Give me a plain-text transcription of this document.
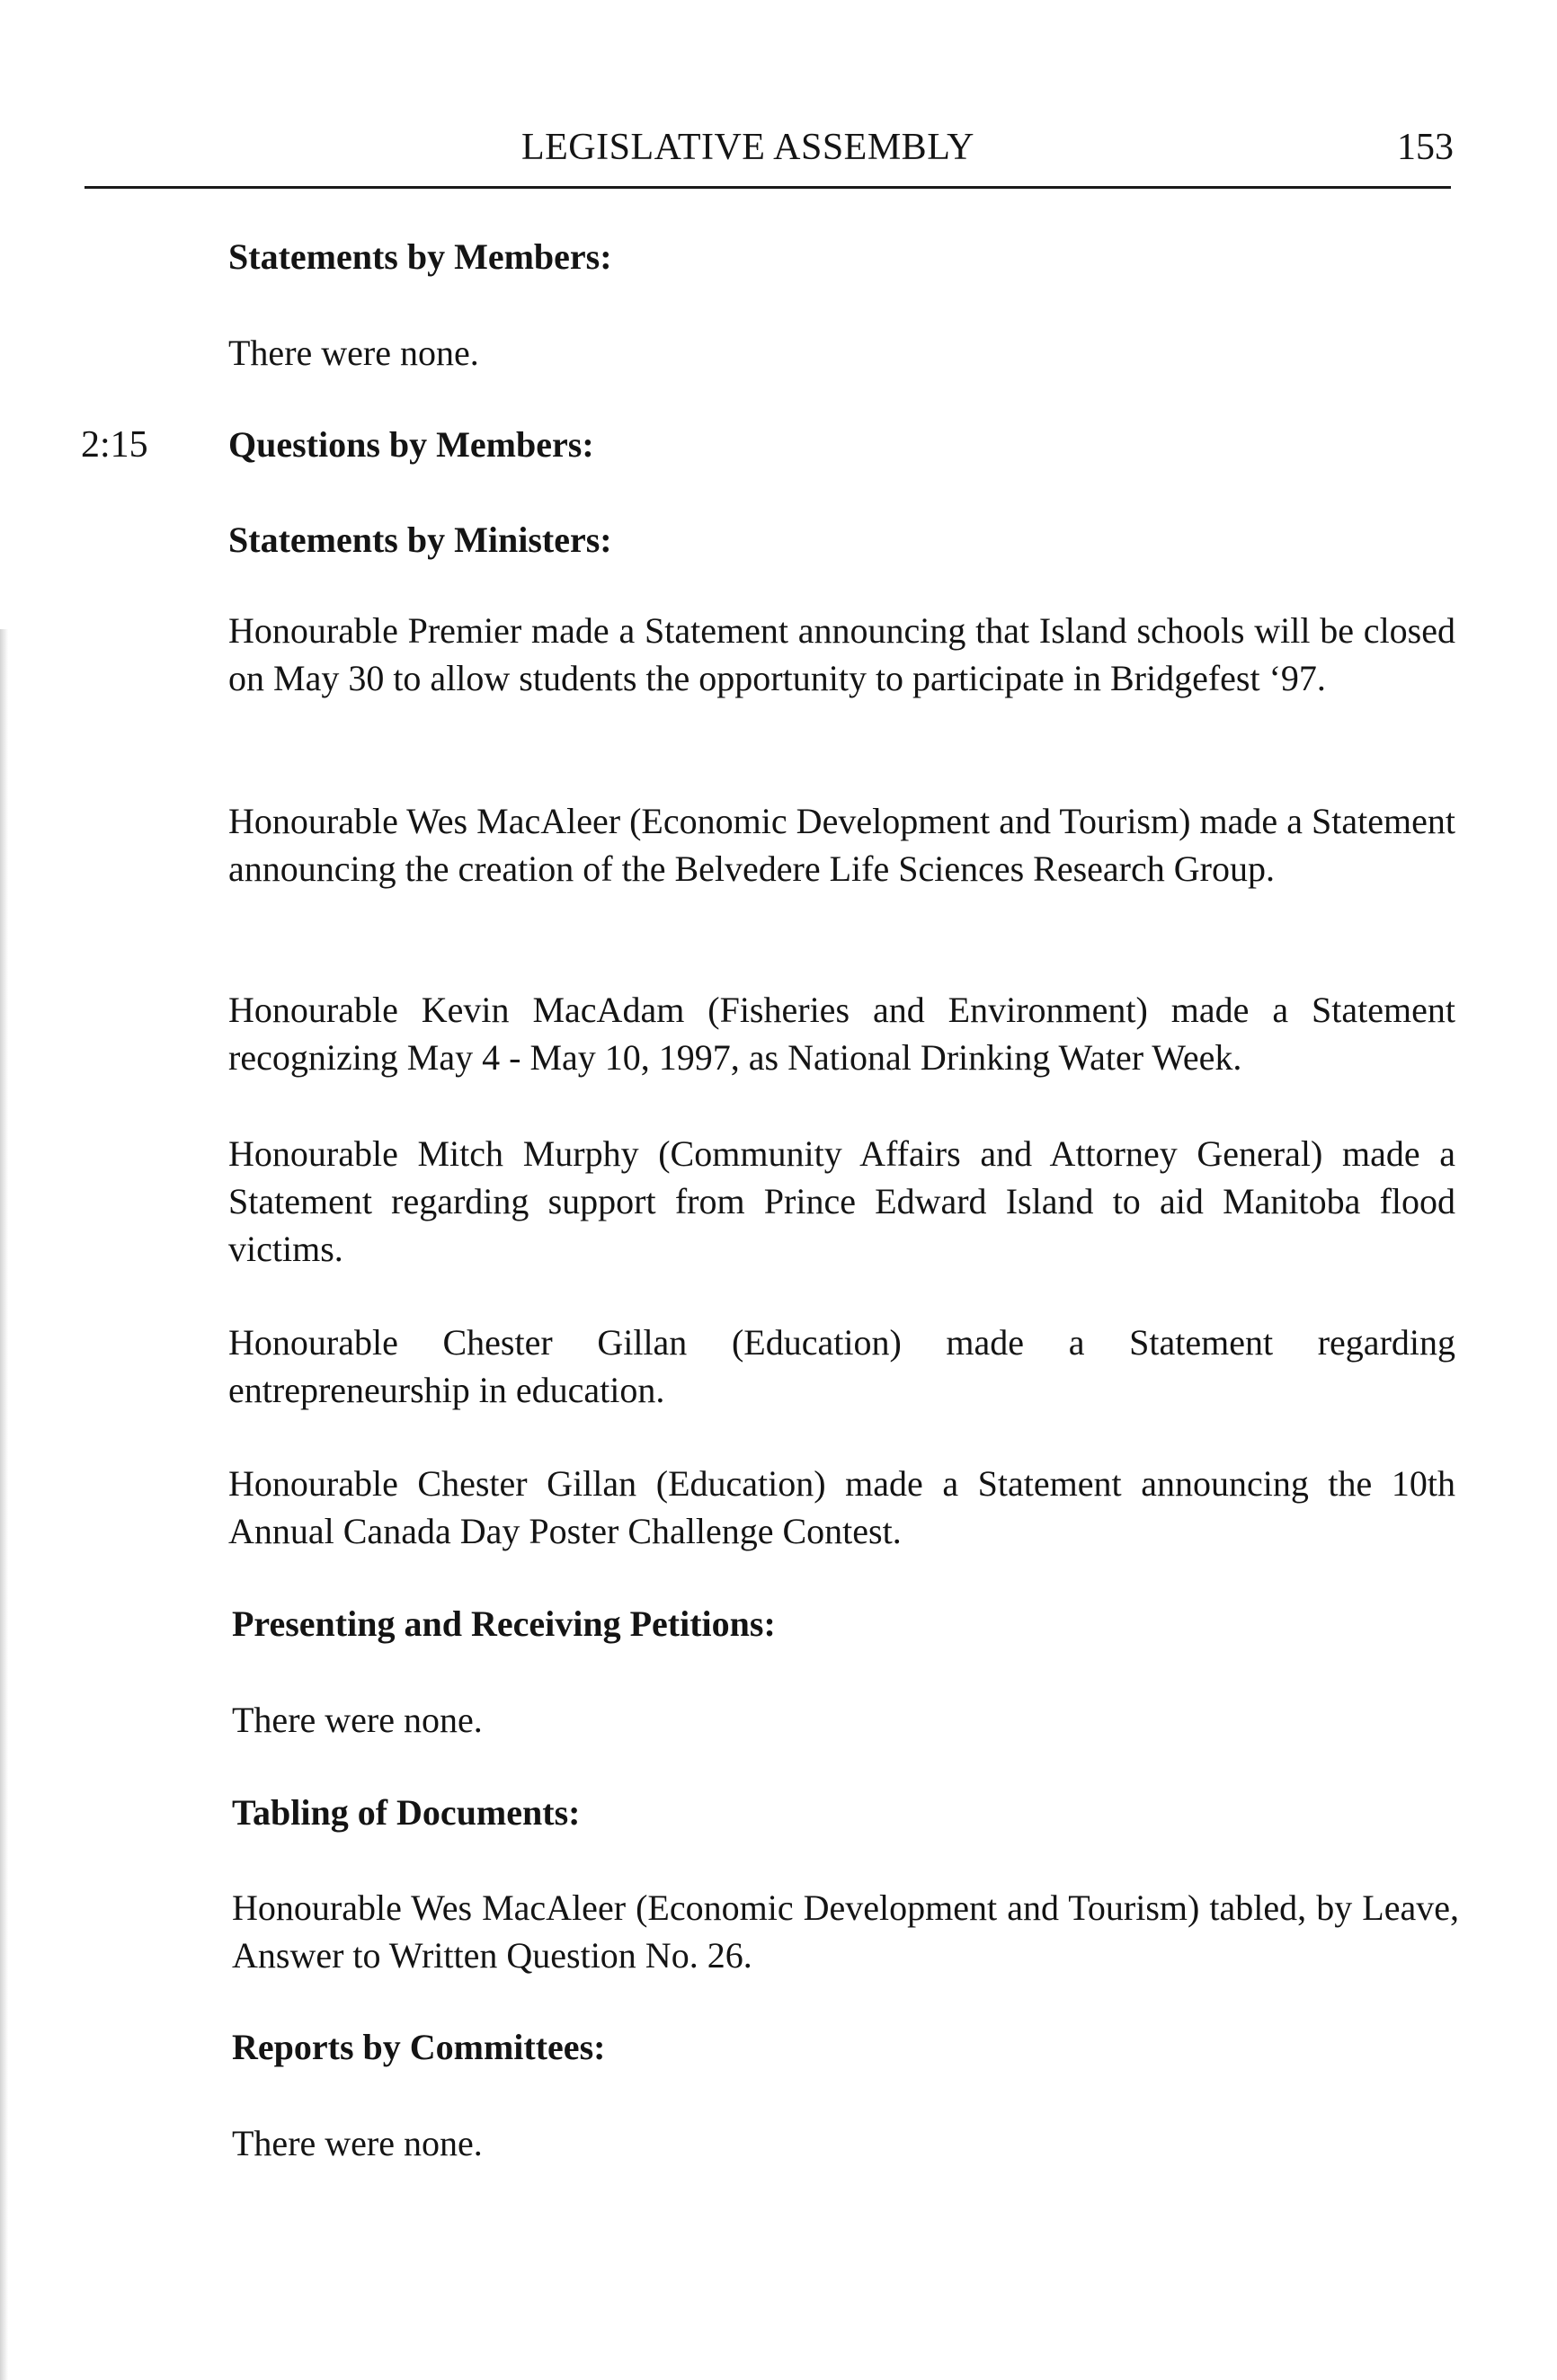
LEGISLATIVE ASSEMBLY	153
Statements by Members:
There were none.
2:15 Questions by Members:
Statements by Ministers:
Honourable Premier made a Statement announcing that Island schools will be closed on May 30 to allow students the opportunity to participate in Bridgefest ‘97.
Honourable Wes MacAleer (Economic Development and Tourism) made a Statement announcing the creation of the Belvedere Life Sciences Research Group.
Honourable Kevin MacAdam (Fisheries and Environment) made a Statement recognizing May 4 - May 10, 1997, as National Drinking Water Week.
Honourable Mitch Murphy (Community Affairs and Attorney General) made a Statement regarding support from Prince Edward Island to aid Manitoba flood victims.
Honourable Chester Gillan (Education) made a Statement regarding entrepreneurship in education.
Honourable Chester Gillan (Education) made a Statement announcing the 10th Annual Canada Day Poster Challenge Contest.
Presenting and Receiving Petitions:
There were none.
Tabling of Documents:
Honourable Wes MacAleer (Economic Development and Tourism) tabled, by Leave, Answer to Written Question No. 26.
Reports by Committees:
There were none.
